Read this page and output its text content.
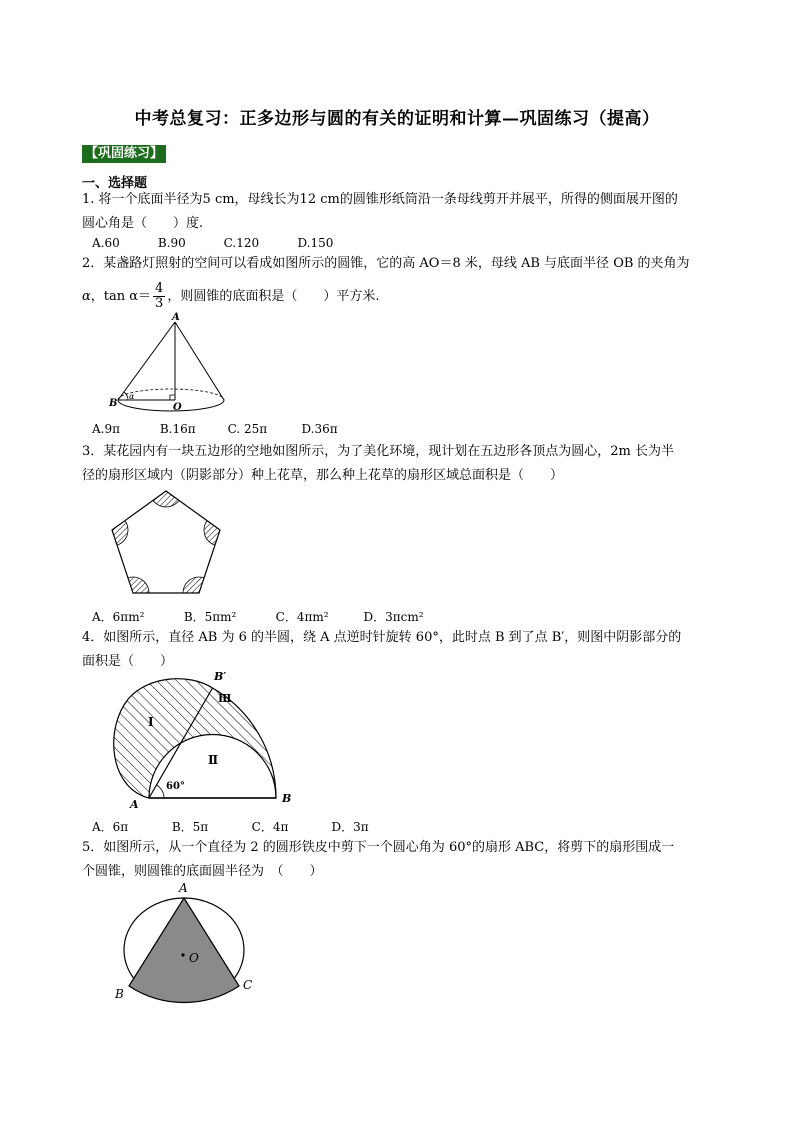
中考总复习：正多边形与圆的有关的证明和计算—巩固练习（提高）
【巩固练习】
一、选择题
1. 将一个底面半径为5 cm，母线长为12 cm的圆锥形纸筒沿一条母线剪开并展平，所得的侧面展开图的
圆心角是（　　）度.
A.60	B.90	C.120	D.150
2．某盏路灯照射的空间可以看成如图所示的圆锥，它的高 AO＝8 米，母线 AB 与底面半径 OB 的夹角为
α，$\tan \alpha= \frac{4}{3}$ ，则圆锥的底面积是（　　）平方米.
A
B	O
α
A.9π	B.16π	C. 25π	D.36π
3．某花园内有一块五边形的空地如图所示，为了美化环境，现计划在五边形各顶点为圆心，2m 长为半
径的扇形区域内（阴影部分）种上花草，那么种上花草的扇形区域总面积是（　　）
A．6πm²	B．5πm²	C．4πm²	D．3πcm²
4．如图所示，直径 AB 为 6 的半圆，绕 A 点逆时针旋转 60°，此时点 B 到了点 B′，则图中阴影部分的
面积是（　　）
A	B
B′
Ⅰ
Ⅱ
Ⅲ
60°
A．6π	B．5π	C．4π	D．3π
5．如图所示，从一个直径为 2 的圆形铁皮中剪下一个圆心角为 60°的扇形 ABC，将剪下的扇形围成一
个圆锥，则圆锥的底面圆半径为　（　　）
A
B
C
O
